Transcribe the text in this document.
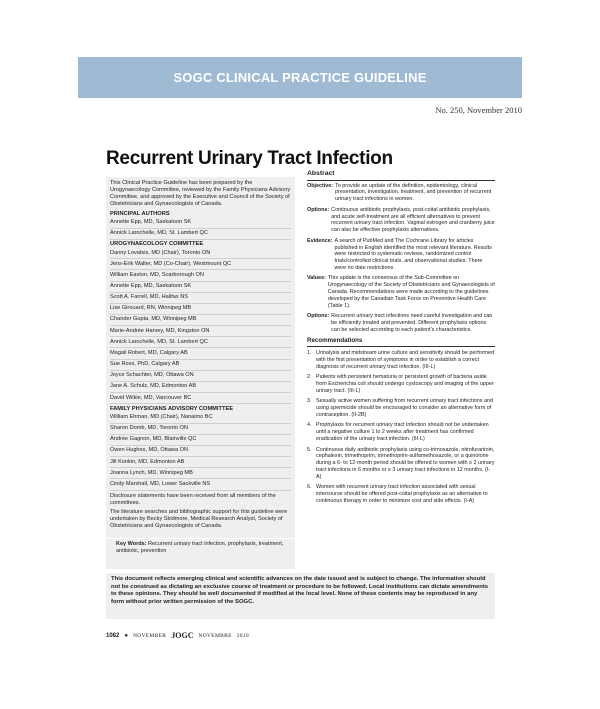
SOGC CLINICAL PRACTICE GUIDELINE
No. 250, November 2010
Recurrent Urinary Tract Infection

This Clinical Practice Guideline has been prepared by the Urogynaecology Committee, reviewed by the Family Physicians Advisory Committee, and approved by the Executive and Council of the Society of Obstetricians and Gynaecologists of Canada.

PRINCIPAL AUTHORS

Annette Epp, MD, Saskatoon SK

Annick Larochelle, MD, St. Lambert QC

UROGYNAECOLOGY COMMITTEE

Danny Lovatsis, MD (Chair), Toronto ON

Jens-Erik Walter, MD (Co-Chair), Westmount QC

William Easton, MD, Scarborough ON

Annette Epp, MD, Saskatoon SK

Scott A. Farrell, MD, Halifax NS

Lise Girouard, RN, Winnipeg MB

Chander Gupta, MD, Winnipeg MB

Marie-Andrée Harvey, MD, Kingston ON

Annick Larochelle, MD, St. Lambert QC

Magali Robert, MD, Calgary AB

Sue Ross, PhD, Calgary AB

Joyce Schachter, MD, Ottawa ON

Jane A. Schulz, MD, Edmonton AB

David Wilkie, MD, Vancouver BC

FAMILY PHYSICIANS ADVISORY COMMITTEE

William Ehman, MD (Chair), Nanaimo BC

Sharon Domb, MD, Toronto ON

Andrée Gagnon, MD, Blainville QC

Owen Hughes, MD, Ottawa ON

Jill Konkin, MD, Edmonton AB

Joanna Lynch, MD, Winnipeg MB

Cindy Marshall, MD, Lower Sackville NS

Disclosure statements have been received from all members of the committees.

The literature searches and bibliographic support for this guideline were undertaken by Becky Skidmore, Medical Research Analyst, Society of Obstetricians and Gynaecologists of Canada.

Key Words: Recurrent urinary tract infection, prophylaxis, treatment, antibiotic, prevention
Abstract
Objective: To provide an update of the definition, epidemiology, clinical presentation, investigation, treatment, and prevention of recurrent urinary tract infections in women.
Options: Continuous antibiotic prophylaxis, post-coital antibiotic prophylaxis, and acute self-treatment are all efficient alternatives to prevent recurrent urinary tract infection. Vaginal estrogen and cranberry juice can also be effective prophylaxis alternatives.
Evidence: A search of PubMed and The Cochrane Library for articles published in English identified the most relevant literature. Results were restricted to systematic reviews, randomized control trials/controlled clinical trials, and observational studies. There were no date restrictions.
Values: This update is the consensus of the Sub-Committee on Urogynaecology of the Society of Obstetricians and Gynaecologists of Canada. Recommendations were made according to the guidelines developed by the Canadian Task Force on Preventive Health Care (Table 1).
Options: Recurrent urinary tract infections need careful investigation and can be efficiently treated and prevented. Different prophylaxis options can be selected according to each patient's characteristics.
Recommendations
1. Urinalysis and midstream urine culture and sensitivity should be performed with the first presentation of symptoms in order to establish a correct diagnosis of recurrent urinary tract infection. (III-L)
2. Patients with persistent hematuria or persistent growth of bacteria aside from Escherichia coli should undergo cystoscopy and imaging of the upper urinary tract. (III-L)
3. Sexually active women suffering from recurrent urinary tract infections and using spermicide should be encouraged to consider an alternative form of contraception. (II-2B)
4. Prophylaxis for recurrent urinary tract infection should not be undertaken until a negative culture 1 to 2 weeks after treatment has confirmed eradication of the urinary tract infection. (III-L)
5. Continuous daily antibiotic prophylaxis using co-trimoxazole, nitrofurantoin, cephalexin, trimethoprim, trimethoprim-sulfamethoxazole, or a quinolone during a 6- to 12-month period should be offered to women with ≥ 2 urinary tract infections in 6 months or ≥ 3 urinary tract infections in 12 months. (I-A)
6. Women with recurrent urinary tract infection associated with sexual intercourse should be offered post-coital prophylaxis as an alternative to continuous therapy in order to minimize cost and side effects. (I-A)
This document reflects emerging clinical and scientific advances on the date issued and is subject to change. The information should not be construed as dictating an exclusive course of treatment or procedure to be followed. Local institutions can dictate amendments to these opinions. They should be well documented if modified at the local level. None of these contents may be reproduced in any form without prior written permission of the SOGC.
1082 ● NOVEMBER JOGC NOVEMBRE 2010
